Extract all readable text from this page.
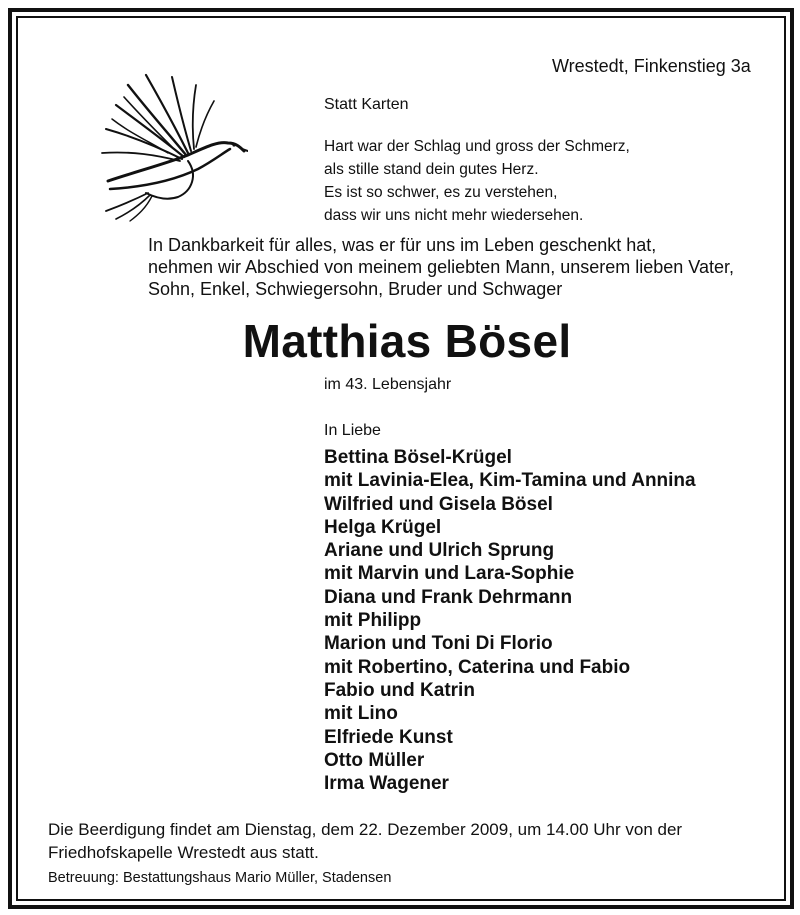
Wrestedt, Finkenstieg 3a
Statt Karten
Hart war der Schlag und gross der Schmerz,
als stille stand dein gutes Herz.
Es ist so schwer, es zu verstehen,
dass wir uns nicht mehr wiedersehen.
In Dankbarkeit für alles, was er für uns im Leben geschenkt hat,
nehmen wir Abschied von meinem geliebten Mann, unserem lieben Vater,
Sohn, Enkel, Schwiegersohn, Bruder und Schwager
Matthias Bösel
im 43. Lebensjahr
In Liebe
Bettina Bösel-Krügel
mit Lavinia-Elea, Kim-Tamina und Annina
Wilfried und Gisela Bösel
Helga Krügel
Ariane und Ulrich Sprung
mit Marvin und Lara-Sophie
Diana und Frank Dehrmann
mit Philipp
Marion und Toni Di Florio
mit Robertino, Caterina und Fabio
Fabio und Katrin
mit Lino
Elfriede Kunst
Otto Müller
Irma Wagener
Die Beerdigung findet am Dienstag, dem 22. Dezember 2009, um 14.00 Uhr von der
Friedhofskapelle Wrestedt aus statt.
Betreuung: Bestattungshaus Mario Müller, Stadensen
